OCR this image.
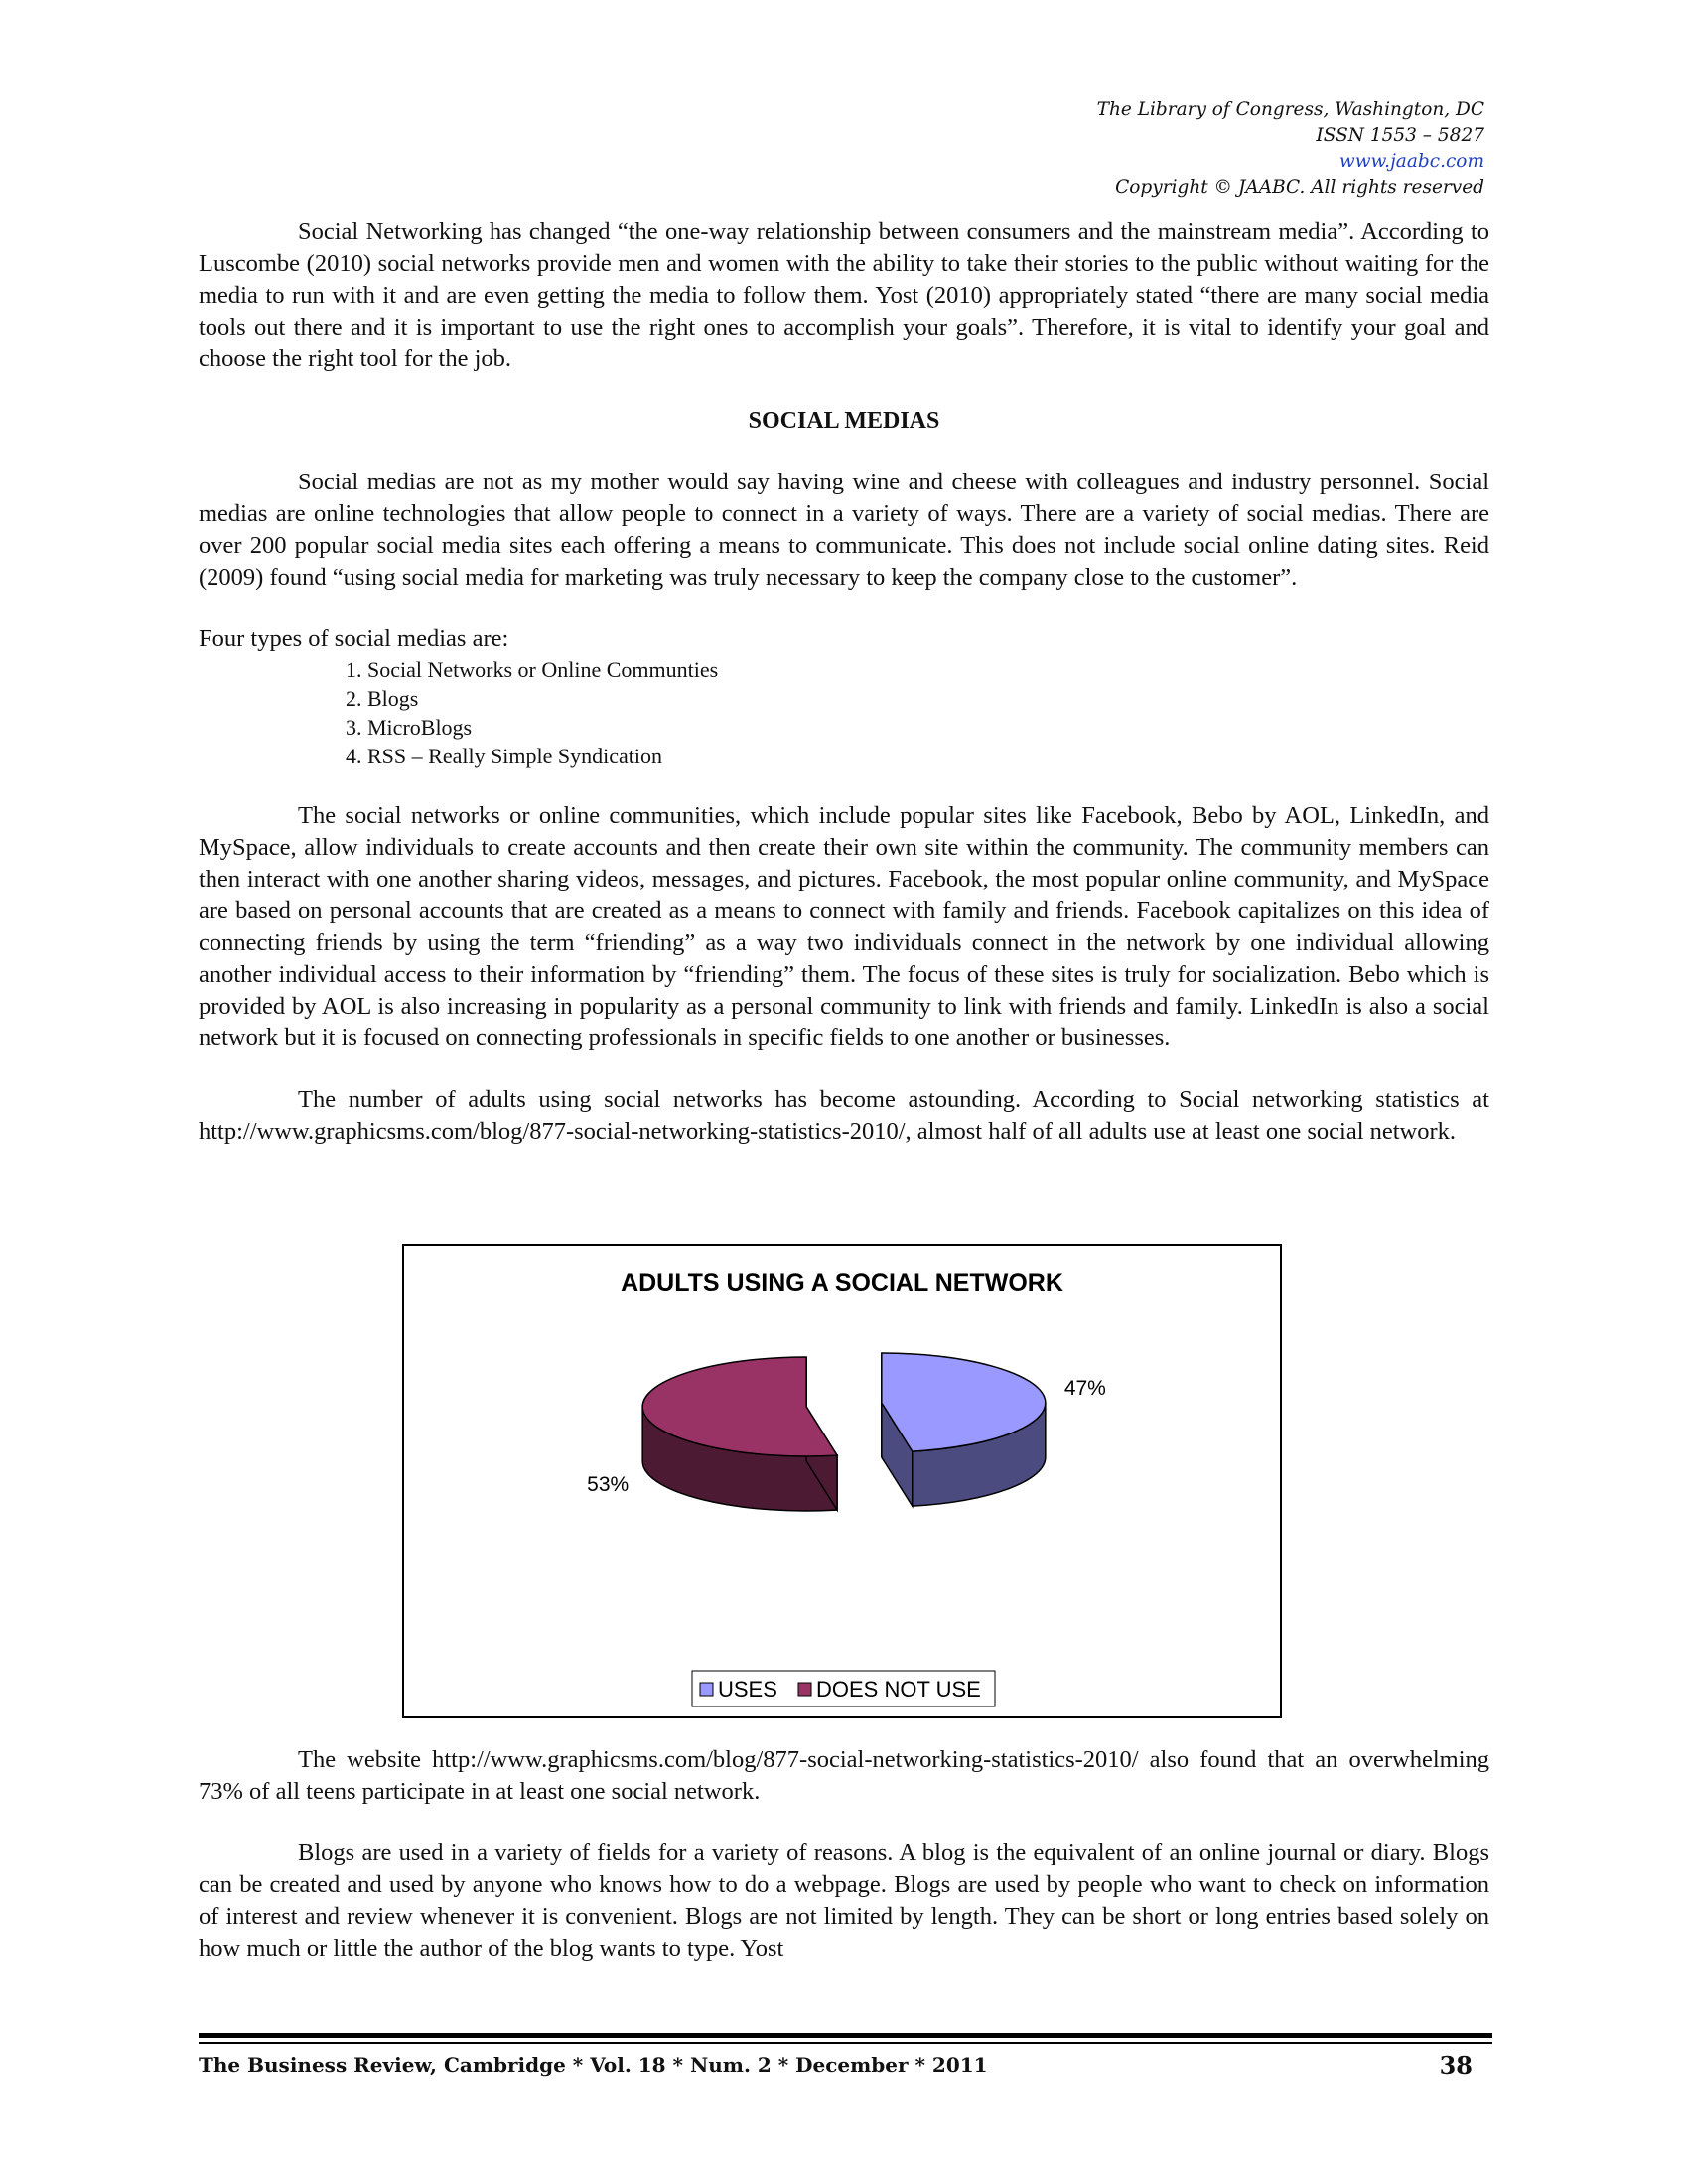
The Library of Congress, Washington, DC
ISSN 1553 – 5827
www.jaabc.com
Copyright © JAABC. All rights reserved

Social Networking has changed “the one-way relationship between consumers and the mainstream media”. According to Luscombe (2010) social networks provide men and women with the ability to take their stories to the public without waiting for the media to run with it and are even getting the media to follow them. Yost (2010) appropriately stated “there are many social media tools out there and it is important to use the right ones to accomplish your goals”. Therefore, it is vital to identify your goal and choose the right tool for the job.

SOCIAL MEDIAS

Social medias are not as my mother would say having wine and cheese with colleagues and industry personnel. Social medias are online technologies that allow people to connect in a variety of ways. There are a variety of social medias. There are over 200 popular social media sites each offering a means to communicate. This does not include social online dating sites. Reid (2009) found “using social media for marketing was truly necessary to keep the company close to the customer”.

Four types of social medias are:

1. Social Networks or Online Communties
2. Blogs
3. MicroBlogs
4. RSS – Really Simple Syndication

The social networks or online communities, which include popular sites like Facebook, Bebo by AOL, LinkedIn, and MySpace, allow individuals to create accounts and then create their own site within the community. The community members can then interact with one another sharing videos, messages, and pictures. Facebook, the most popular online community, and MySpace are based on personal accounts that are created as a means to connect with family and friends. Facebook capitalizes on this idea of connecting friends by using the term “friending” as a way two individuals connect in the network by one individual allowing another individual access to their information by “friending” them. The focus of these sites is truly for socialization. Bebo which is provided by AOL is also increasing in popularity as a personal community to link with friends and family. LinkedIn is also a social network but it is focused on connecting professionals in specific fields to one another or businesses.

The number of adults using social networks has become astounding. According to Social networking statistics at http://www.graphicsms.com/blog/877-social-networking-statistics-2010/, almost half of all adults use at least one social network.

ADULTS USING A SOCIAL NETWORK
47%
53%
USES DOES NOT USE

The website http://www.graphicsms.com/blog/877-social-networking-statistics-2010/ also found that an overwhelming 73% of all teens participate in at least one social network.

Blogs are used in a variety of fields for a variety of reasons. A blog is the equivalent of an online journal or diary. Blogs can be created and used by anyone who knows how to do a webpage. Blogs are used by people who want to check on information of interest and review whenever it is convenient. Blogs are not limited by length. They can be short or long entries based solely on how much or little the author of the blog wants to type. Yost

The Business Review, Cambridge * Vol. 18 * Num. 2 * December * 2011	38
